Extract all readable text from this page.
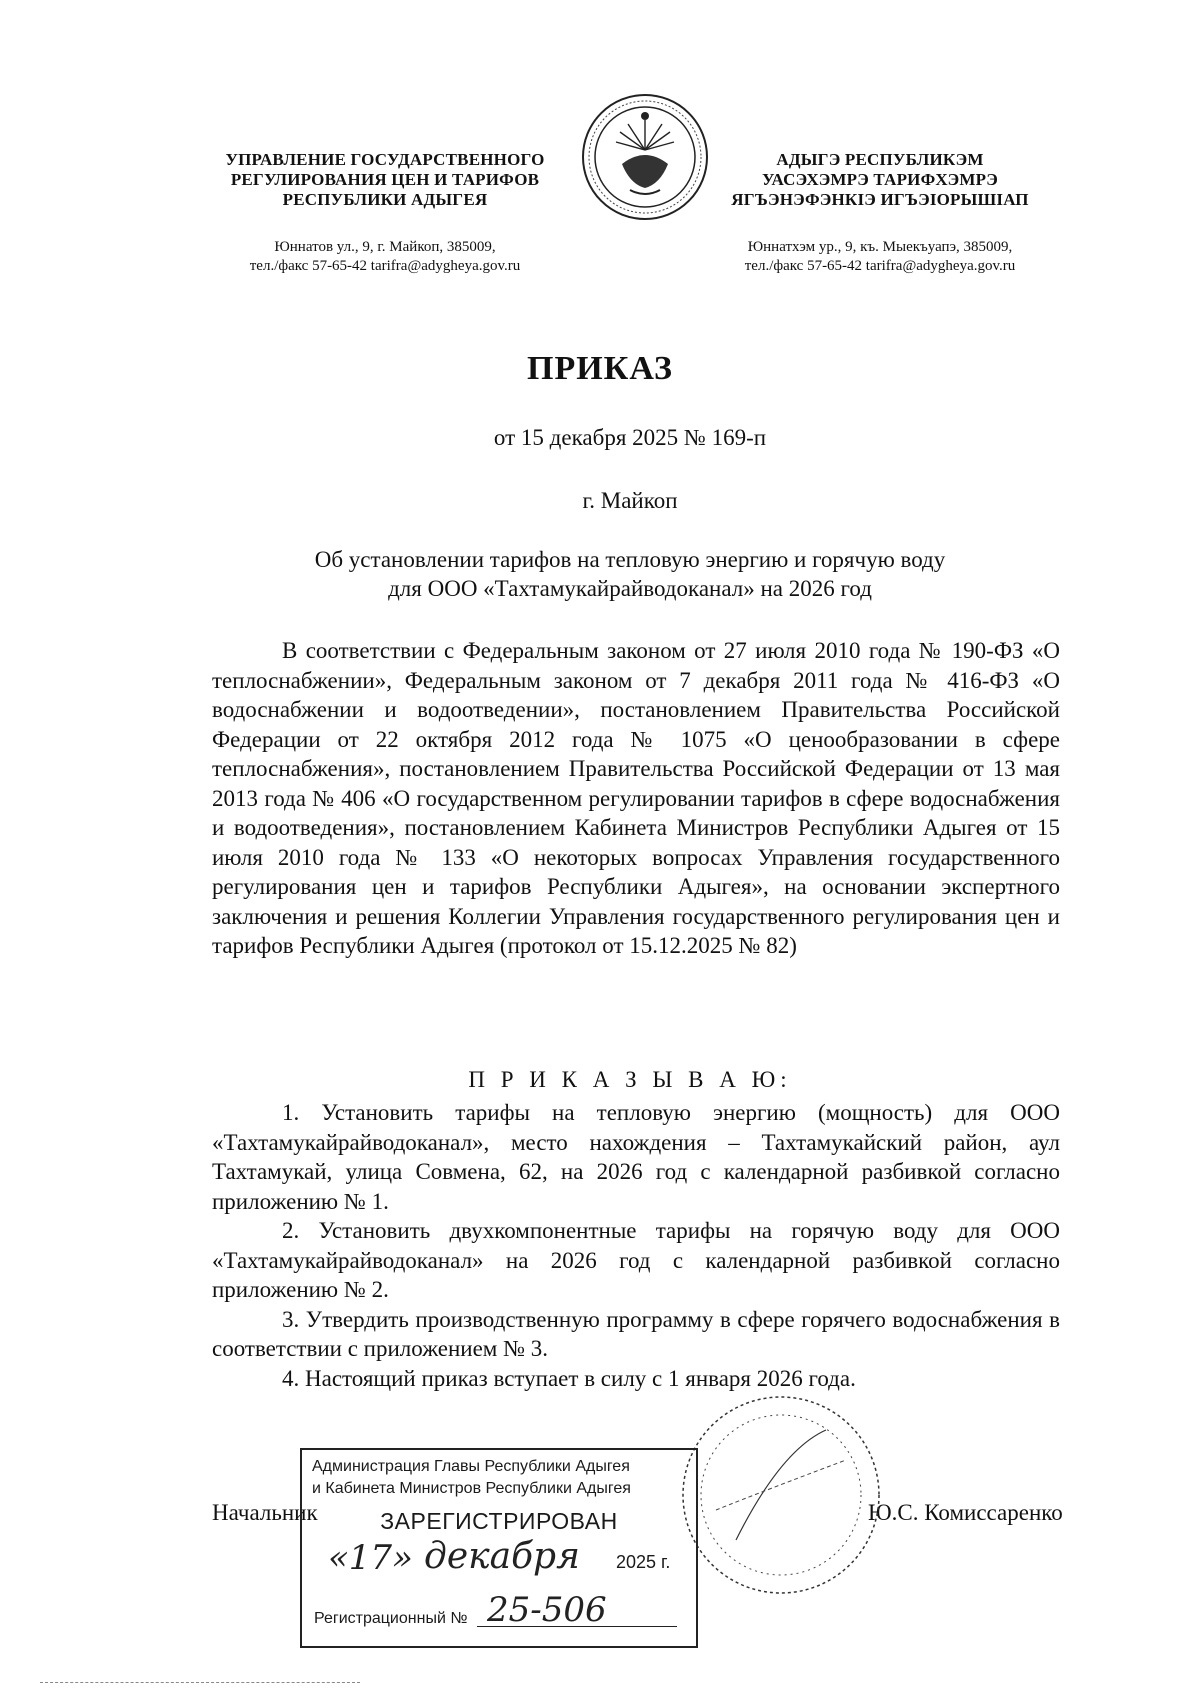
УПРАВЛЕНИЕ ГОСУДАРСТВЕННОГО
РЕГУЛИРОВАНИЯ ЦЕН И ТАРИФОВ
РЕСПУБЛИКИ АДЫГЕЯ
Юннатов ул., 9, г. Майкоп, 385009,
тел./факс 57-65-42 tarifra@adygheya.gov.ru
АДЫГЭ РЕСПУБЛИКЭМ
УАСЭХЭМРЭ ТАРИФХЭМРЭ
ЯГЪЭНЭФЭНКIЭ ИГЪЭIОРЫШIАП
Юннатхэм ур., 9, къ. Мыекъуапэ, 385009,
тел./факс 57-65-42 tarifra@adygheya.gov.ru
ПРИКАЗ
от 15 декабря 2025 № 169-п
г. Майкоп
Об установлении тарифов на тепловую энергию и горячую воду
для ООО «Тахтамукайрайводоканал» на 2026 год
В соответствии с Федеральным законом от 27 июля 2010 года № 190-ФЗ «О теплоснабжении», Федеральным законом от 7 декабря 2011 года № 416-ФЗ «О водоснабжении и водоотведении», постановлением Правительства Российской Федерации от 22 октября 2012 года № 1075 «О ценообразовании в сфере теплоснабжения», постановлением Правительства Российской Федерации от 13 мая 2013 года № 406 «О государственном регулировании тарифов в сфере водоснабжения и водоотведения», постановлением Кабинета Министров Республики Адыгея от 15 июля 2010 года № 133 «О некоторых вопросах Управления государственного регулирования цен и тарифов Республики Адыгея», на основании экспертного заключения и решения Коллегии Управления государственного регулирования цен и тарифов Республики Адыгея (протокол от 15.12.2025 № 82)
П Р И К А З Ы В А Ю:

1. Установить тарифы на тепловую энергию (мощность) для ООО «Тахтамукайрайводоканал», место нахождения – Тахтамукайский район, аул Тахтамукай, улица Совмена, 62, на 2026 год с календарной разбивкой согласно приложению № 1.

2. Установить двухкомпонентные тарифы на горячую воду для ООО «Тахтамукайрайводоканал» на 2026 год с календарной разбивкой согласно приложению № 2.

3. Утвердить производственную программу в сфере горячего водоснабжения в соответствии с приложением № 3.

4. Настоящий приказ вступает в силу с 1 января 2026 года.

Начальник	Ю.С. Комиссаренко
Администрация Главы Республики Адыгея
и Кабинета Министров Республики Адыгея
ЗАРЕГИСТРИРОВАН
«17» декабря 2025 г.
Регистрационный № 25-506
